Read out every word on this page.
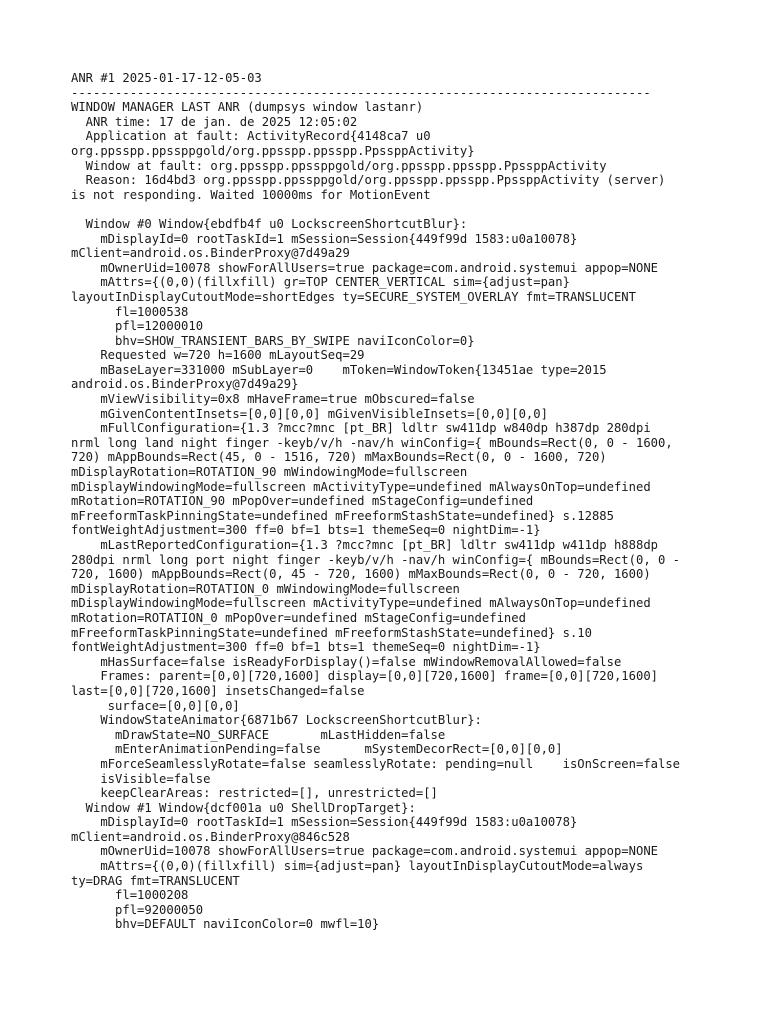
ANR #1 2025-01-17-12-05-03
-------------------------------------------------------------------------------
WINDOW MANAGER LAST ANR (dumpsys window lastanr)
ANR time: 17 de jan. de 2025 12:05:02
Application at fault: ActivityRecord{4148ca7 u0
org.ppsspp.ppssppgold/org.ppsspp.ppsspp.PpssppActivity}
Window at fault: org.ppsspp.ppssppgold/org.ppsspp.ppsspp.PpssppActivity
Reason: 16d4bd3 org.ppsspp.ppssppgold/org.ppsspp.ppsspp.PpssppActivity (server)
is not responding. Waited 10000ms for MotionEvent
Window #0 Window{ebdfb4f u0 LockscreenShortcutBlur}:
mDisplayId=0 rootTaskId=1 mSession=Session{449f99d 1583:u0a10078}
mClient=android.os.BinderProxy@7d49a29
mOwnerUid=10078 showForAllUsers=true package=com.android.systemui appop=NONE
mAttrs={(0,0)(fillxfill) gr=TOP CENTER_VERTICAL sim={adjust=pan}
layoutInDisplayCutoutMode=shortEdges ty=SECURE_SYSTEM_OVERLAY fmt=TRANSLUCENT
fl=1000538
pfl=12000010
bhv=SHOW_TRANSIENT_BARS_BY_SWIPE naviIconColor=0}
Requested w=720 h=1600 mLayoutSeq=29
mBaseLayer=331000 mSubLayer=0    mToken=WindowToken{13451ae type=2015
android.os.BinderProxy@7d49a29}
mViewVisibility=0x8 mHaveFrame=true mObscured=false
mGivenContentInsets=[0,0][0,0] mGivenVisibleInsets=[0,0][0,0]
mFullConfiguration={1.3 ?mcc?mnc [pt_BR] ldltr sw411dp w840dp h387dp 280dpi
nrml long land night finger -keyb/v/h -nav/h winConfig={ mBounds=Rect(0, 0 - 1600,
720) mAppBounds=Rect(45, 0 - 1516, 720) mMaxBounds=Rect(0, 0 - 1600, 720)
mDisplayRotation=ROTATION_90 mWindowingMode=fullscreen
mDisplayWindowingMode=fullscreen mActivityType=undefined mAlwaysOnTop=undefined
mRotation=ROTATION_90 mPopOver=undefined mStageConfig=undefined
mFreeformTaskPinningState=undefined mFreeformStashState=undefined} s.12885
fontWeightAdjustment=300 ff=0 bf=1 bts=1 themeSeq=0 nightDim=-1}
mLastReportedConfiguration={1.3 ?mcc?mnc [pt_BR] ldltr sw411dp w411dp h888dp
280dpi nrml long port night finger -keyb/v/h -nav/h winConfig={ mBounds=Rect(0, 0 -
720, 1600) mAppBounds=Rect(0, 45 - 720, 1600) mMaxBounds=Rect(0, 0 - 720, 1600)
mDisplayRotation=ROTATION_0 mWindowingMode=fullscreen
mDisplayWindowingMode=fullscreen mActivityType=undefined mAlwaysOnTop=undefined
mRotation=ROTATION_0 mPopOver=undefined mStageConfig=undefined
mFreeformTaskPinningState=undefined mFreeformStashState=undefined} s.10
fontWeightAdjustment=300 ff=0 bf=1 bts=1 themeSeq=0 nightDim=-1}
mHasSurface=false isReadyForDisplay()=false mWindowRemovalAllowed=false
Frames: parent=[0,0][720,1600] display=[0,0][720,1600] frame=[0,0][720,1600]
last=[0,0][720,1600] insetsChanged=false
surface=[0,0][0,0]
WindowStateAnimator{6871b67 LockscreenShortcutBlur}:
mDrawState=NO_SURFACE       mLastHidden=false
mEnterAnimationPending=false      mSystemDecorRect=[0,0][0,0]
mForceSeamlesslyRotate=false seamlesslyRotate: pending=null    isOnScreen=false
isVisible=false
keepClearAreas: restricted=[], unrestricted=[]
Window #1 Window{dcf001a u0 ShellDropTarget}:
mDisplayId=0 rootTaskId=1 mSession=Session{449f99d 1583:u0a10078}
mClient=android.os.BinderProxy@846c528
mOwnerUid=10078 showForAllUsers=true package=com.android.systemui appop=NONE
mAttrs={(0,0)(fillxfill) sim={adjust=pan} layoutInDisplayCutoutMode=always
ty=DRAG fmt=TRANSLUCENT
fl=1000208
pfl=92000050
bhv=DEFAULT naviIconColor=0 mwfl=10}
